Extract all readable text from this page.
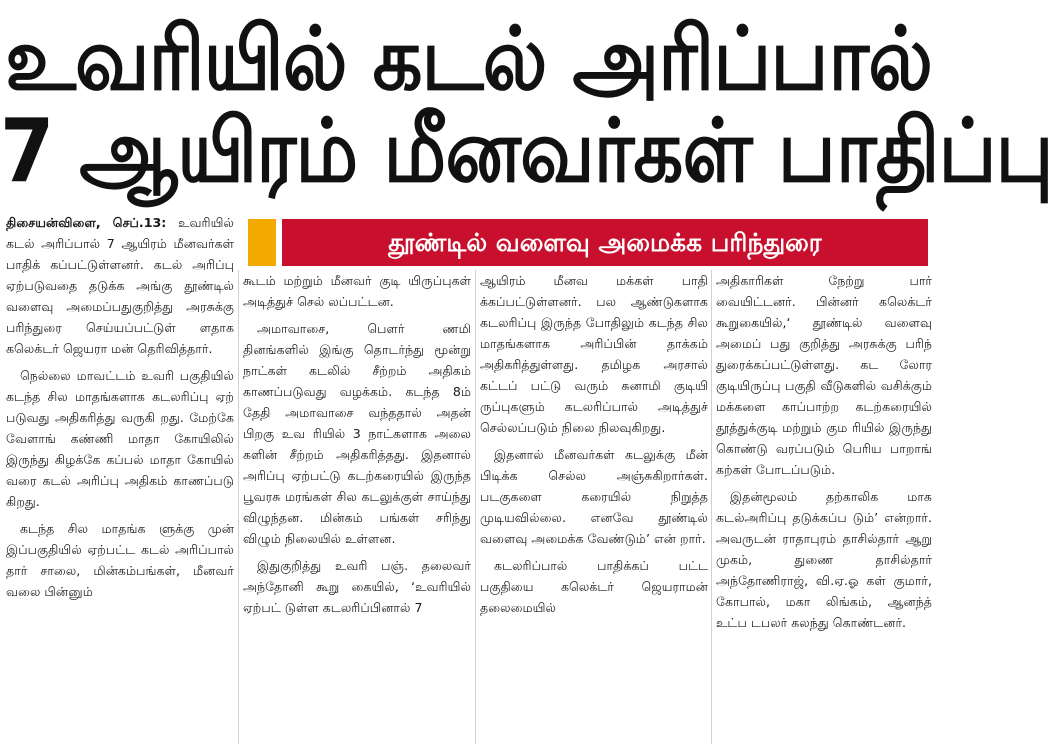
உவரியில் கடல் அரிப்பால்
7 ஆயிரம் மீனவர்கள் பாதிப்பு
தூண்டில் வளைவு அமைக்க பரிந்துரை

திசையன்விளை, செப்.13: உவரியில் கடல் அரிப்பால் 7 ஆயிரம் மீனவர்கள் பாதிக் கப்பட்டுள்ளனர். கடல் அரிப்பு ஏற்படுவதை தடுக்க அங்கு தூண்டில் வளைவு அமைப்பதுகுறித்து அரசுக்கு பரிந்துரை செய்யப்பட்டுள் ளதாக கலெக்டர் ஜெயரா மன் தெரிவித்தார்.

நெல்லை மாவட்டம் உவரி பகுதியில் கடந்த சில மாதங்களாக கடலரிப்பு ஏற் படுவது அதிகரித்து வருகி றது. மேற்கே வேளாங் கண்ணி மாதா கோயிலில் இருந்து கிழக்கே கப்பல் மாதா கோயில் வரை கடல் அரிப்பு அதிகம் காணப்படு கிறது.

கடந்த சில மாதங்க ளுக்கு முன் இப்பகுதியில் ஏற்பட்ட கடல் அரிப்பால் தார் சாலை, மின்கம்பங்கள், மீனவர் வலை பின்னும்

கூடம் மற்றும் மீனவர் குடி யிருப்புகள் அடித்துச் செல் லப்பட்டன.

அமாவாசை, பௌர் ணமி தினங்களில் இங்கு தொடர்ந்து மூன்று நாட்கள் கடலில் சீற்றம் அதிகம் காணப்படுவது வழக்கம். கடந்த 8ம் தேதி அமாவாசை வந்ததால் அதன் பிறகு உவ ரியில் 3 நாட்களாக அலை களின் சீற்றம் அதிகரித்தது. இதனால் அரிப்பு ஏற்பட்டு கடற்கரையில் இருந்த பூவரசு மரங்கள் சில கடலுக்குள் சாய்ந்து விழுந்தன. மின்கம் பங்கள் சரிந்து விழும் நிலையில் உள்ளன.

இதுகுறித்து உவரி பஞ். தலைவர் அந்தோனி கூறு கையில், ‘உவரியில் ஏற்பட் டுள்ள கடலரிப்பினால் 7

ஆயிரம் மீனவ மக்கள் பாதி க்கப்பட்டுள்ளனர். பல ஆண்டுகளாக கடலரிப்பு இருந்த போதிலும் கடந்த சில மாதங்களாக அரிப்பின் தாக்கம் அதிகரித்துள்ளது. தமிழக அரசால் கட்டப் பட்டு வரும் சுனாமி குடியி ருப்புகளும் கடலரிப்பால் அடித்துச் செல்லப்படும் நிலை நிலவுகிறது.

இதனால் மீனவர்கள் கடலுக்கு மீன் பிடிக்க செல்ல அஞ்சுகிறார்கள். படகுகளை கரையில் நிறுத்த முடியவில்லை. எனவே தூண்டில் வளைவு அமைக்க வேண்டும்’ என் றார்.

கடலரிப்பால் பாதிக்கப் பட்ட பகுதியை கலெக்டர் ஜெயராமன் தலைமையில்

அதிகாரிகள் நேற்று பார் வையிட்டனர். பின்னர் கலெக்டர் கூறுகையில்,‘ தூண்டில் வளைவு அமைப் பது குறித்து அரசுக்கு பரிந் துரைக்கப்பட்டுள்ளது. கட லோர குடியிருப்பு பகுதி வீடுகளில் வசிக்கும் மக்களை காப்பாற்ற கடற்கரையில் தூத்துக்குடி மற்றும் கும ரியில் இருந்து கொண்டு வரப்படும் பெரிய பாறாங் கற்கள் போடப்படும்.

இதன்மூலம் தற்காலிக மாக கடல்அரிப்பு தடுக்கப்ப டும்’ என்றார். அவருடன் ராதாபுரம் தாசில்தார் ஆறு முகம், துணை தாசில்தார் அந்தோணிராஜ், வி.ஏ.ஓ கள் குமார், கோபால், மகா லிங்கம், ஆனந்த் உட்ப டபலர் கலந்து கொண்டனர்.
